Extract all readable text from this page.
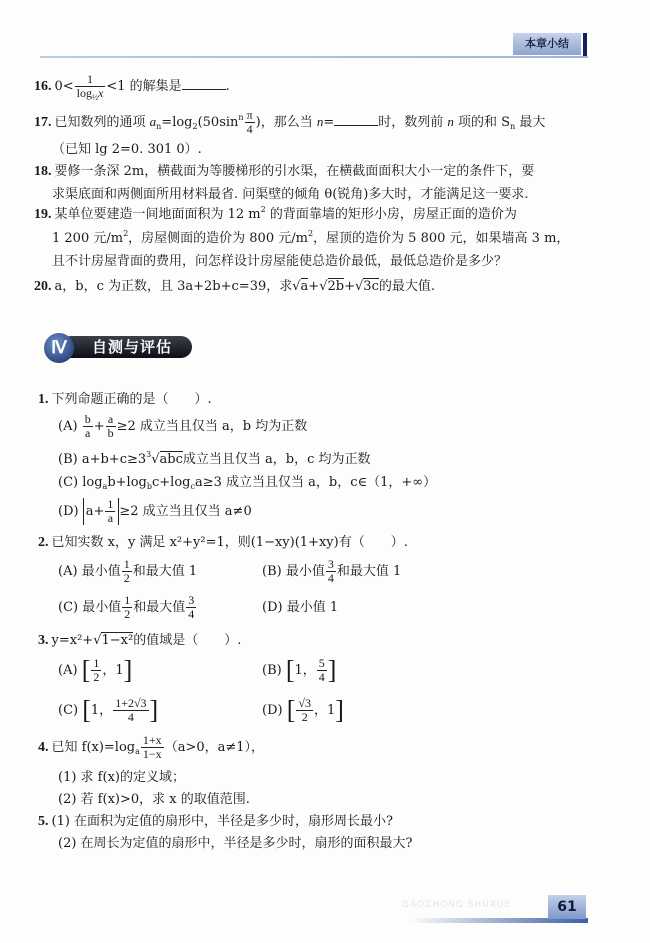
本章小结
16. $0< \frac{1}{\log_{\frac{1}{2}}x} <1$ 的解集是	.
17. 已知数列的通项 $a_n=\log_2(50\sin^n \frac{\pi}{4}$ )，那么当 n=	时，数列前 n 项的和 $S_n$ 最大
（已知 lg 2=0. 301 0）.
18. 要修一条深 2m，横截面为等腰梯形的引水渠，在横截面面积大小一定的条件下，要
求渠底面和两侧面所用材料最省. 问渠壁的倾角 θ(锐角)多大时，才能满足这一要求.
19. 某单位要建造一间地面面积为 12 $m^2$ 的背面靠墙的矩形小房，房屋正面的造价为
1 200 元$/m^2$，房屋侧面的造价为 800 元$/m^2$，屋顶的造价为 5 800 元，如果墙高 3 m，
且不计房屋背面的费用，问怎样设计房屋能使总造价最低，最低总造价是多少？
20. a，b，c 为正数，且 3a+2b+c=39，求√a+√2b+√3c的最大值.
Ⅳ	自测与评估
1. 下列命题正确的是（　　）.
$(A) \frac{b}{a} + \frac{a}{b} \ge 2$ 成立当且仅当 a，b 均为正数
(B) $a+b+c\ge 3^3√abc$成立当且仅当 a，b，c 均为正数
(C) $\log_ab+\log_bc+\log_ca\ge 3$ 成立当且仅当 a，b，c∈（1，+∞）
(D) $a+ \frac{1}{a} \ge 2$ 成立当且仅当 a≠0
2. 已知实数 x，y 满足 x²+y²=1，则(1−xy)(1+xy)有（　　）.
(A) 最小值 $\frac{1}{2}$ 和最大值 1	(B) 最小值 $\frac{3}{4}$ 和最大值 1
(C) 最小值 $\frac{1}{2}$ 和最大值 $\frac{3}{4}$	(D) 最小值 1
3. y=x²+√1−x²的值域是（　　）.
(A) [ $\frac{1}{2}$ ，1]	(B) [1， $\frac{5}{4}$ ]
(C) [1， $\frac{1+2√3}{4}$ ]	(D) [ $\frac{√3}{2}$ ，1]
4. 已知 $f(x)=\log_a \frac{1+x}{1-x} (a>0$，a≠1），
(1) 求 f(x)的定义域；
(2) 若 f(x)>0，求 x 的取值范围.
5. (1) 在面积为定值的扇形中，半径是多少时，扇形周长最小?
(2) 在周长为定值的扇形中，半径是多少时，扇形的面积最大?
GAOZHONG SHUXUE	61
